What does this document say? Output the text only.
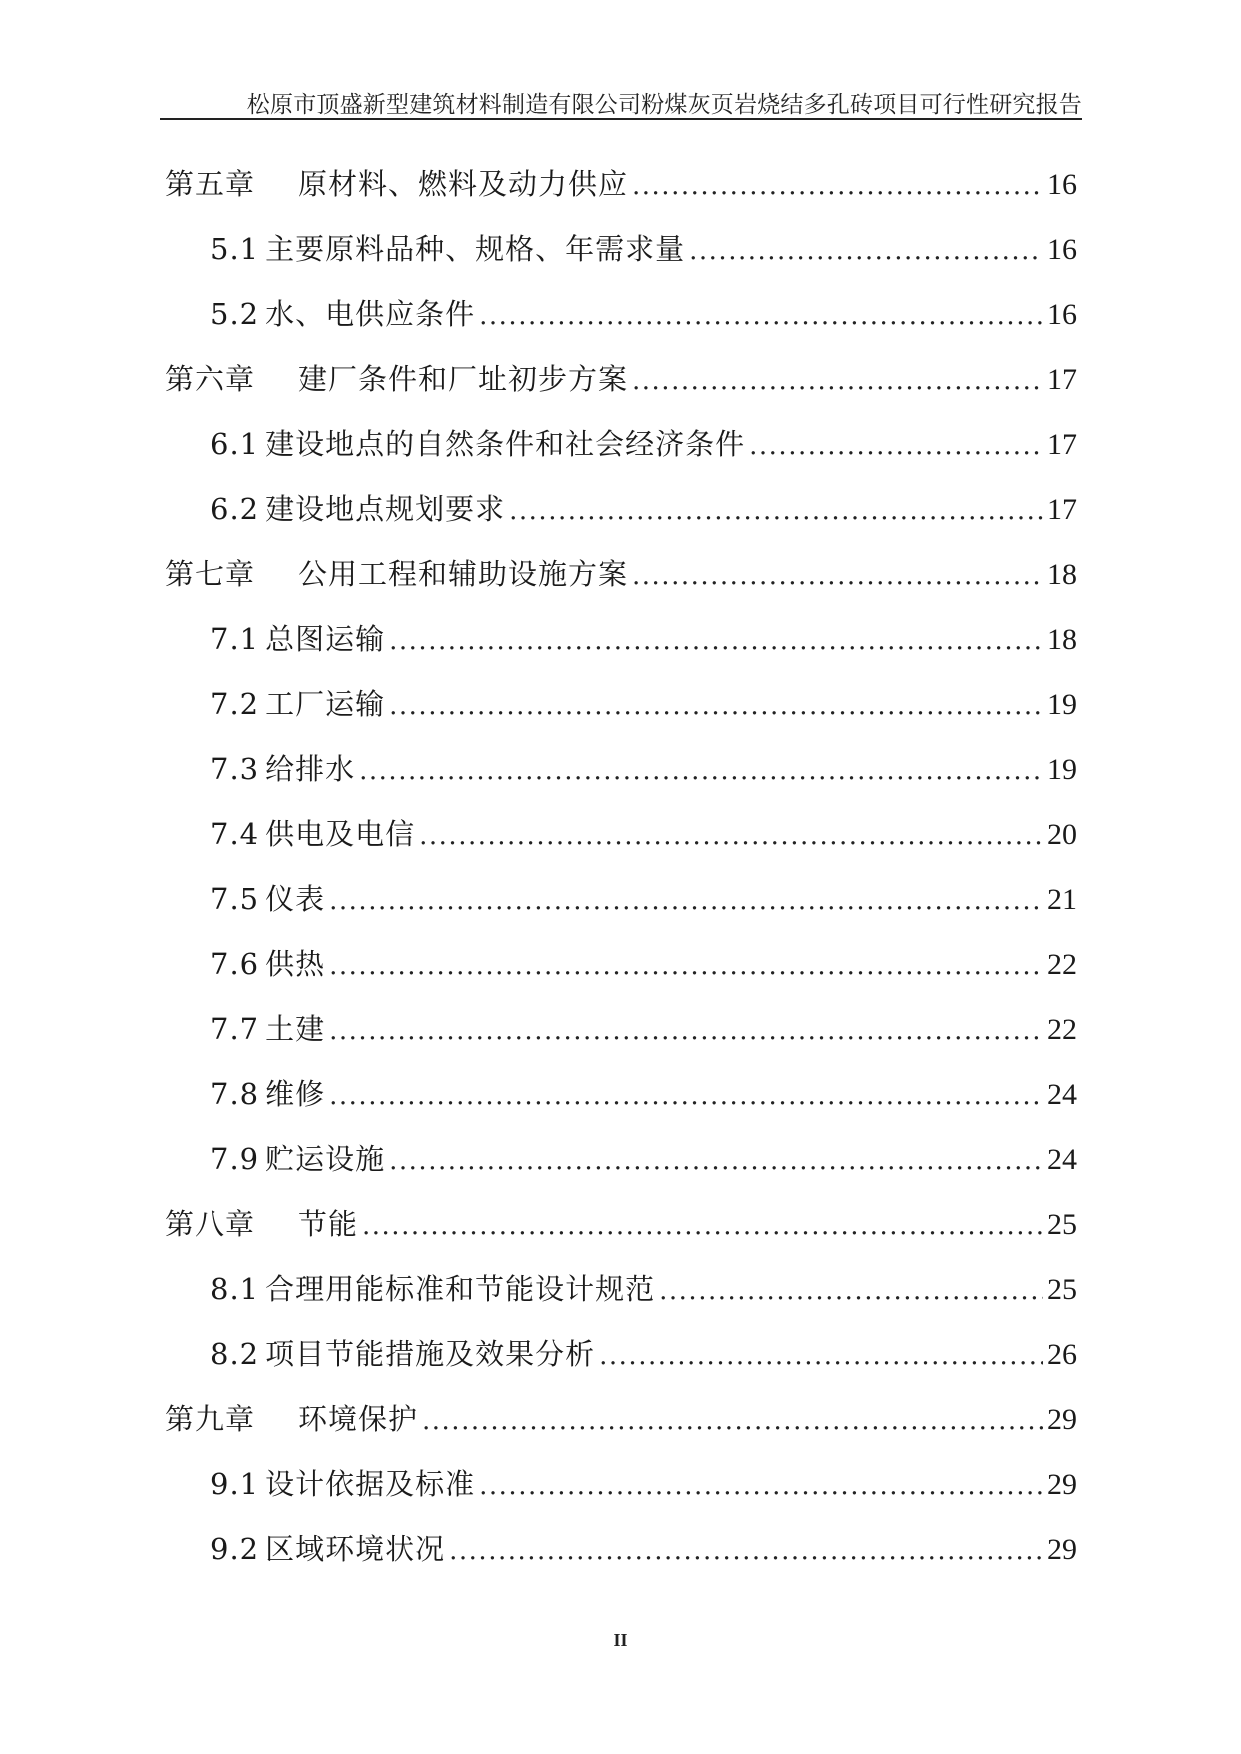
松原市顶盛新型建筑材料制造有限公司粉煤灰页岩烧结多孔砖项目可行性研究报告
第五章	原材料、燃料及动力供应 .....	16
5.1 主要原料品种、规格、年需求量 .....	16
5.2 水、电供应条件 .....	16
第六章	建厂条件和厂址初步方案 .....	17
6.1 建设地点的自然条件和社会经济条件 .....	17
6.2 建设地点规划要求 .....	17
第七章	公用工程和辅助设施方案 .....	18
7.1 总图运输 .....	18
7.2 工厂运输 .....	19
7.3 给排水 .....	19
7.4 供电及电信 .....	20
7.5 仪表 .....	21
7.6 供热 .....	22
7.7 土建 .....	22
7.8 维修 .....	24
7.9 贮运设施 .....	24
第八章	节能 .....	25
8.1 合理用能标准和节能设计规范 .....	25
8.2 项目节能措施及效果分析 .....	26
第九章	环境保护 .....	29
9.1 设计依据及标准 .....	29
9.2 区域环境状况 .....	29
II
